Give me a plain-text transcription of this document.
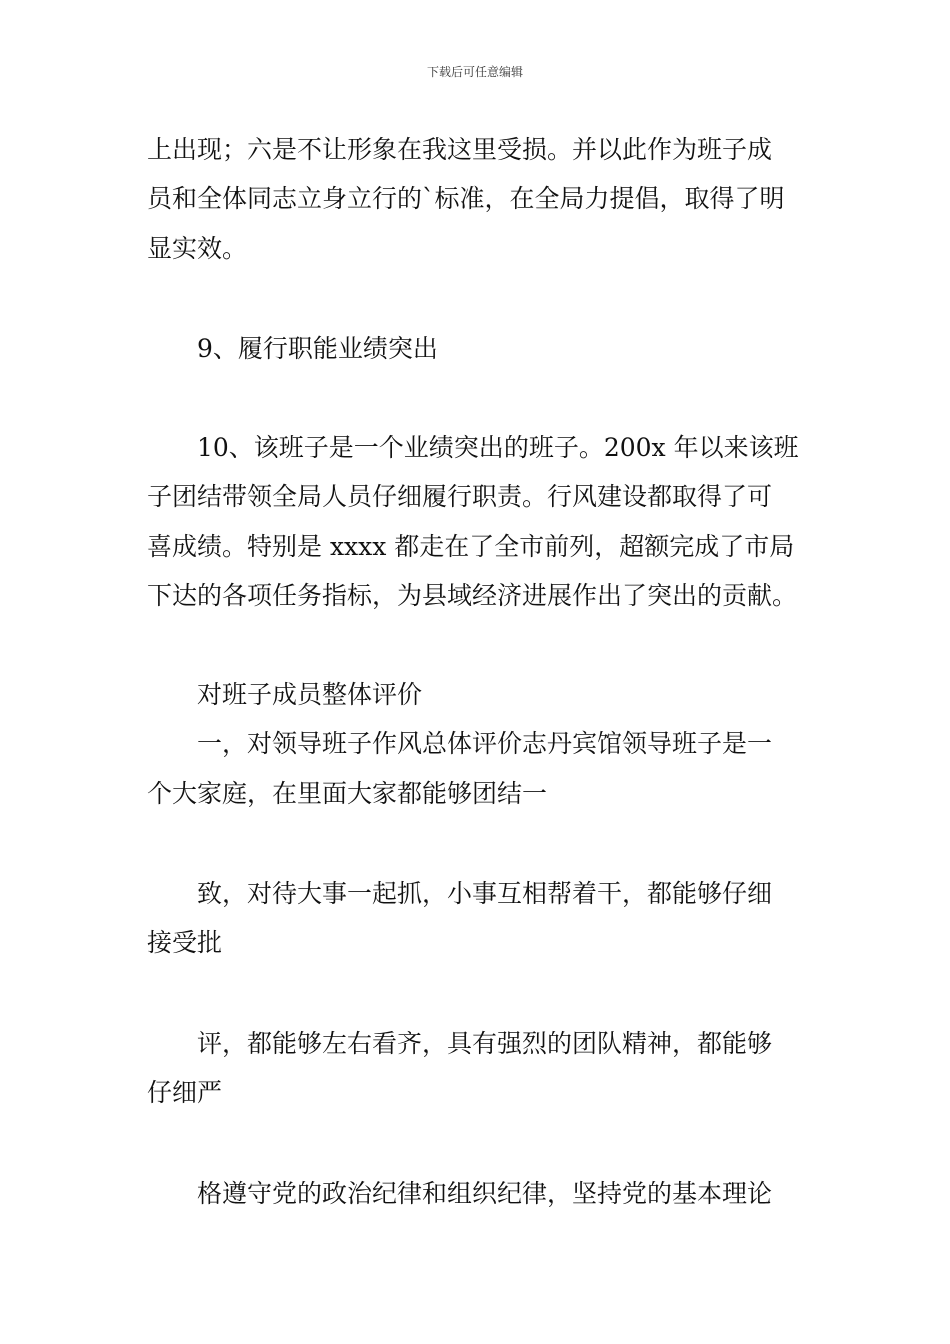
下载后可任意编辑
上出现；六是不让形象在我这里受损。并以此作为班子成
员和全体同志立身立行的`标准，在全局力提倡，取得了明
显实效。
9、履行职能业绩突出
10、该班子是一个业绩突出的班子。200x 年以来该班
子团结带领全局人员仔细履行职责。行风建设都取得了可
喜成绩。特别是 xxxx 都走在了全市前列，超额完成了市局
下达的各项任务指标，为县域经济进展作出了突出的贡献。
对班子成员整体评价
一，对领导班子作风总体评价志丹宾馆领导班子是一
个大家庭，在里面大家都能够团结一
致，对待大事一起抓，小事互相帮着干，都能够仔细
接受批
评，都能够左右看齐，具有强烈的团队精神，都能够
仔细严
格遵守党的政治纪律和组织纪律，坚持党的基本理论
